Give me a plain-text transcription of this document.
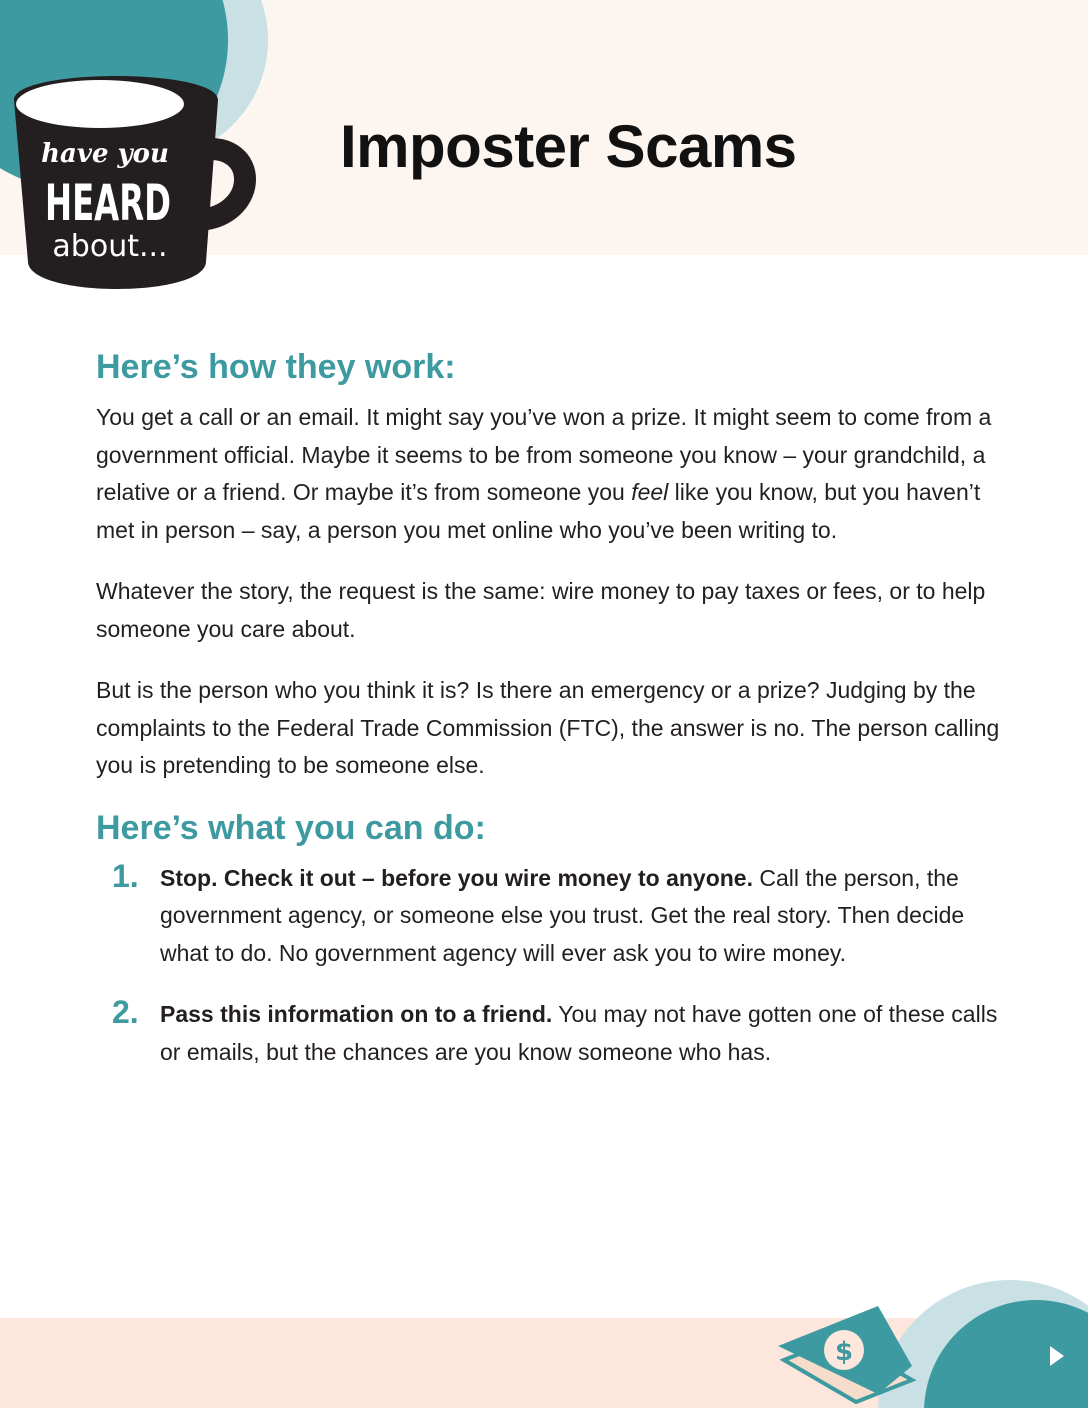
have you
HEARD
about...
Imposter Scams
Here’s how they work:

You get a call or an email. It might say you’ve won a prize. It might seem to come from a government official. Maybe it seems to be from someone you know – your grandchild, a relative or a friend. Or maybe it’s from someone you feel like you know, but you haven’t met in person – say, a person you met online who you’ve been writing to.

Whatever the story, the request is the same: wire money to pay taxes or fees, or to help someone you care about.

But is the person who you think it is? Is there an emergency or a prize? Judging by the complaints to the Federal Trade Commission (FTC), the answer is no. The person calling you is pretending to be someone else.

Here’s what you can do:
1. Stop. Check it out – before you wire money to anyone. Call the person, the government agency, or someone else you trust. Get the real story. Then decide what to do. No government agency will ever ask you to wire money.
2. Pass this information on to a friend. You may not have gotten one of these calls or emails, but the chances are you know someone who has.
$
